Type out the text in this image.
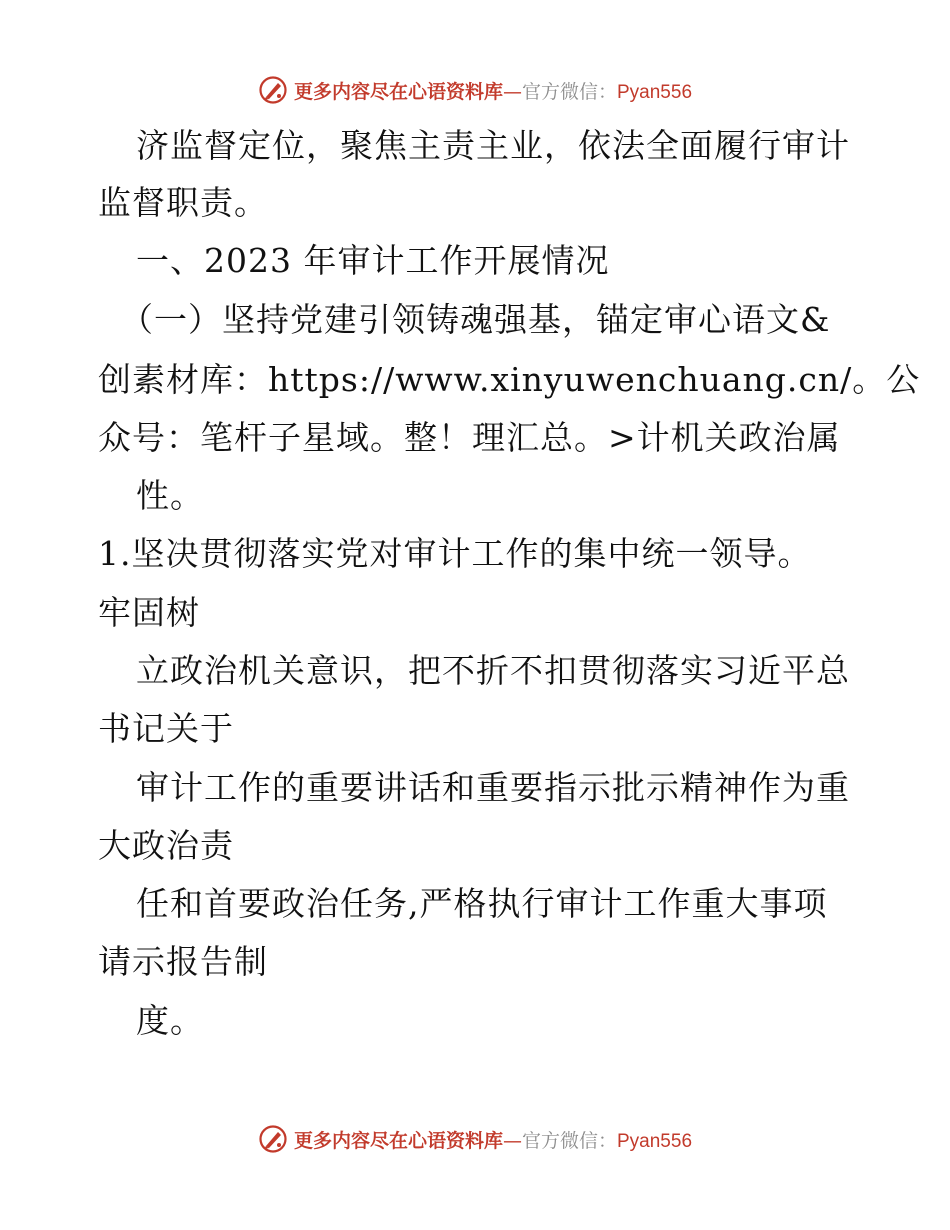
更多内容尽在心语资料库—官方微信：Pyan556
济监督定位，聚焦主责主业，依法全面履行审计
监督职责。
一、2023 年审计工作开展情况
（一）坚持党建引领铸魂强基，锚定审心语文&
创素材库：https://www.xinyuwenchuang.cn/。公
众号：笔杆子星域。整！理汇总。>计机关政治属
性。
1.坚决贯彻落实党对审计工作的集中统一领导。
牢固树
立政治机关意识，把不折不扣贯彻落实习近平总
书记关于
审计工作的重要讲话和重要指示批示精神作为重
大政治责
任和首要政治任务,严格执行审计工作重大事项
请示报告制
度。
更多内容尽在心语资料库—官方微信：Pyan556
